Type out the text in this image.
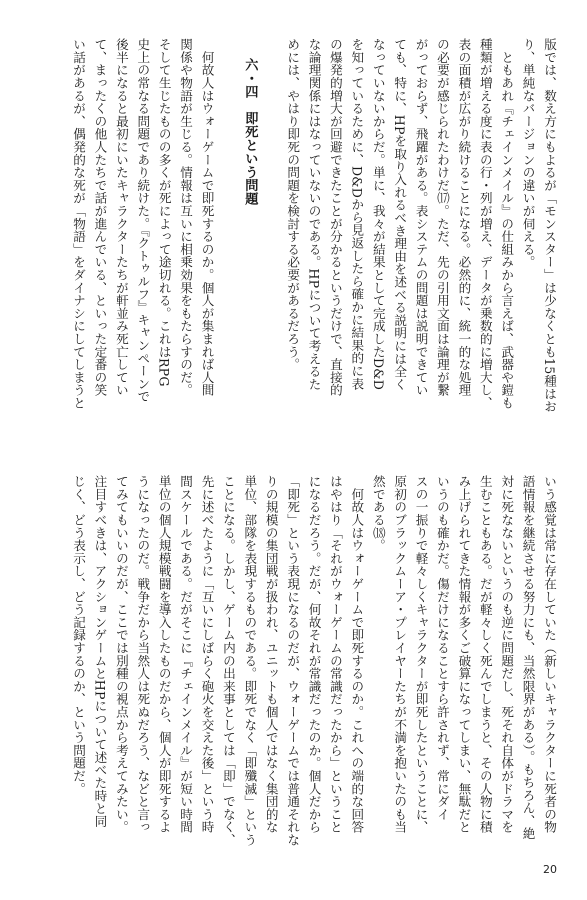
版では、数え方にもよるが「モンスター」は少なくとも15種はお
り、単純なバージョンの違いが伺える。
　ともあれ『チェインメイル』の仕組みから言えば、武器や鎧も
種類が増える度に表の行・列が増え、データが乗数的に増大し、
表の面積が広がり続けることになる。必然的に、統一的な処理
の必要が感じられたわけだ⒄。ただ、先の引用文面は論理が繋
がっておらず、飛躍がある。表システムの問題は説明できてい
ても、特に、HPを取り入れるべき理由を述べる説明には全く
なっていないからだ。単に、我々が結果として完成したD&D
を知っているために、D&Dから見返したら確かに結果的に表
の爆発的増大が回避できたことが分かるというだけで、直接的
な論理関係にはなっていないのである。HPについて考えるた
めには、やはり即死の問題を検討する必要があるだろう。
六・四　即死という問題
　何故人はウォーゲームで即死するのか。個人が集まれば人間
関係や物語が生じる。情報は互いに相乗効果をもたらすのだ。
そして生じたものの多くが死によって途切れる。これはRPG
史上の常なる問題であり続けた。『クトゥルフ』キャンペーンで
後半になると最初にいたキャラクターたちが軒並み死亡してい
て、まったくの他人たちで話が進んでいる、といった定番の笑
い話があるが、偶発的な死が「物語」をダイナシにしてしまうと
いう感覚は常に存在していた（新しいキャラクターに死者の物
語情報を継続させる努力にも、当然限界がある）。もちろん、絶
対に死なないというのも逆に問題だし、死それ自体がドラマを
生むこともある。だが軽々しく死んでしまうと、その人物に積
み上げられてきた情報が多くご破算になってしまい、無駄だと
いうのも確かだ。傷だけになることすら許されず、常にダイ
スの一振りで軽々しくキャラクターが即死したということに、
原初のブラックムーア・プレイヤーたちが不満を抱いたのも当
然である⒅。
　何故人はウォーゲームで即死するのか。これへの端的な回答
はやはり「それがウォーゲームの常識だったから」ということ
になるだろう。だが、何故それが常識だったのか。個人だから
「即死」という表現になるのだが、ウォーゲームでは普通それな
りの規模の集団戦が扱われ、ユニットも個人ではなく集団的な
単位、部隊を表現するものである。即死でなく「即殲滅」という
ことになる。しかし、ゲーム内の出来事としては「即」でなく、
先に述べたように「互いにしばらく砲火を交えた後」という時
間スケールである。だがそこに『チェインメイル』が短い時間
単位の個人規模戦闘を導入したものだから、個人が即死するよ
うになったのだ。戦争だから当然人は死ぬだろう、などと言っ
てみてもいいのだが、ここでは別種の視点から考えてみたい。
注目すべきは、アクションゲームとHPについて述べた時と同
じく、どう表示し、どう記録するのか、という問題だ。
20
